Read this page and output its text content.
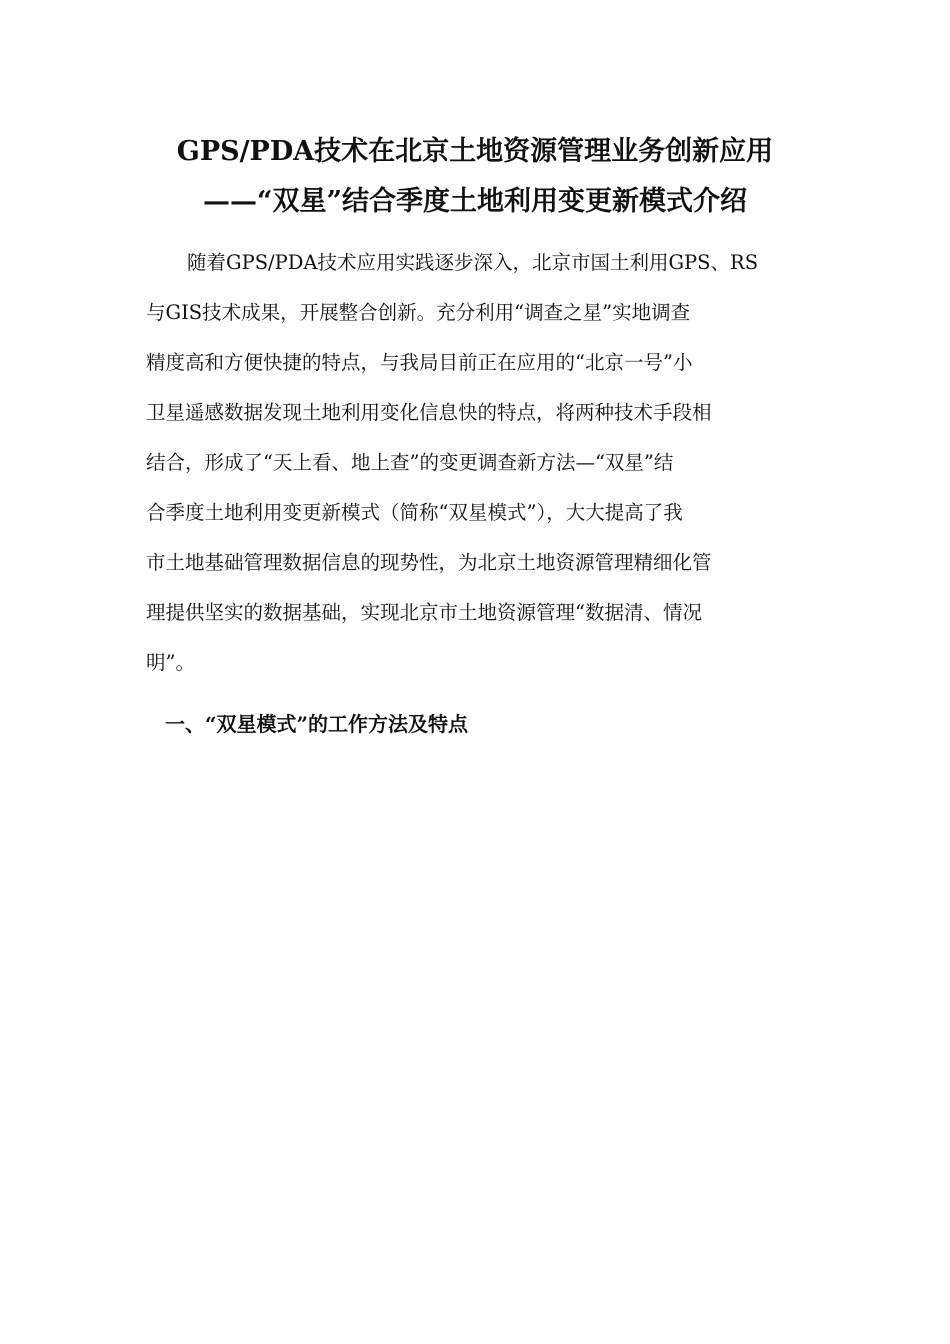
GPS/PDA技术在北京土地资源管理业务创新应用
——“双星”结合季度土地利用变更新模式介绍
随着GPS/PDA技术应用实践逐步深入，北京市国土利用GPS、RS
与GIS技术成果，开展整合创新。充分利用“调查之星”实地调查
精度高和方便快捷的特点，与我局目前正在应用的“北京一号”小
卫星遥感数据发现土地利用变化信息快的特点，将两种技术手段相
结合，形成了“天上看、地上查”的变更调查新方法—“双星”结
合季度土地利用变更新模式（简称“双星模式”），大大提高了我
市土地基础管理数据信息的现势性，为北京土地资源管理精细化管
理提供坚实的数据基础，实现北京市土地资源管理“数据清、情况
明”。
一、“双星模式”的工作方法及特点
